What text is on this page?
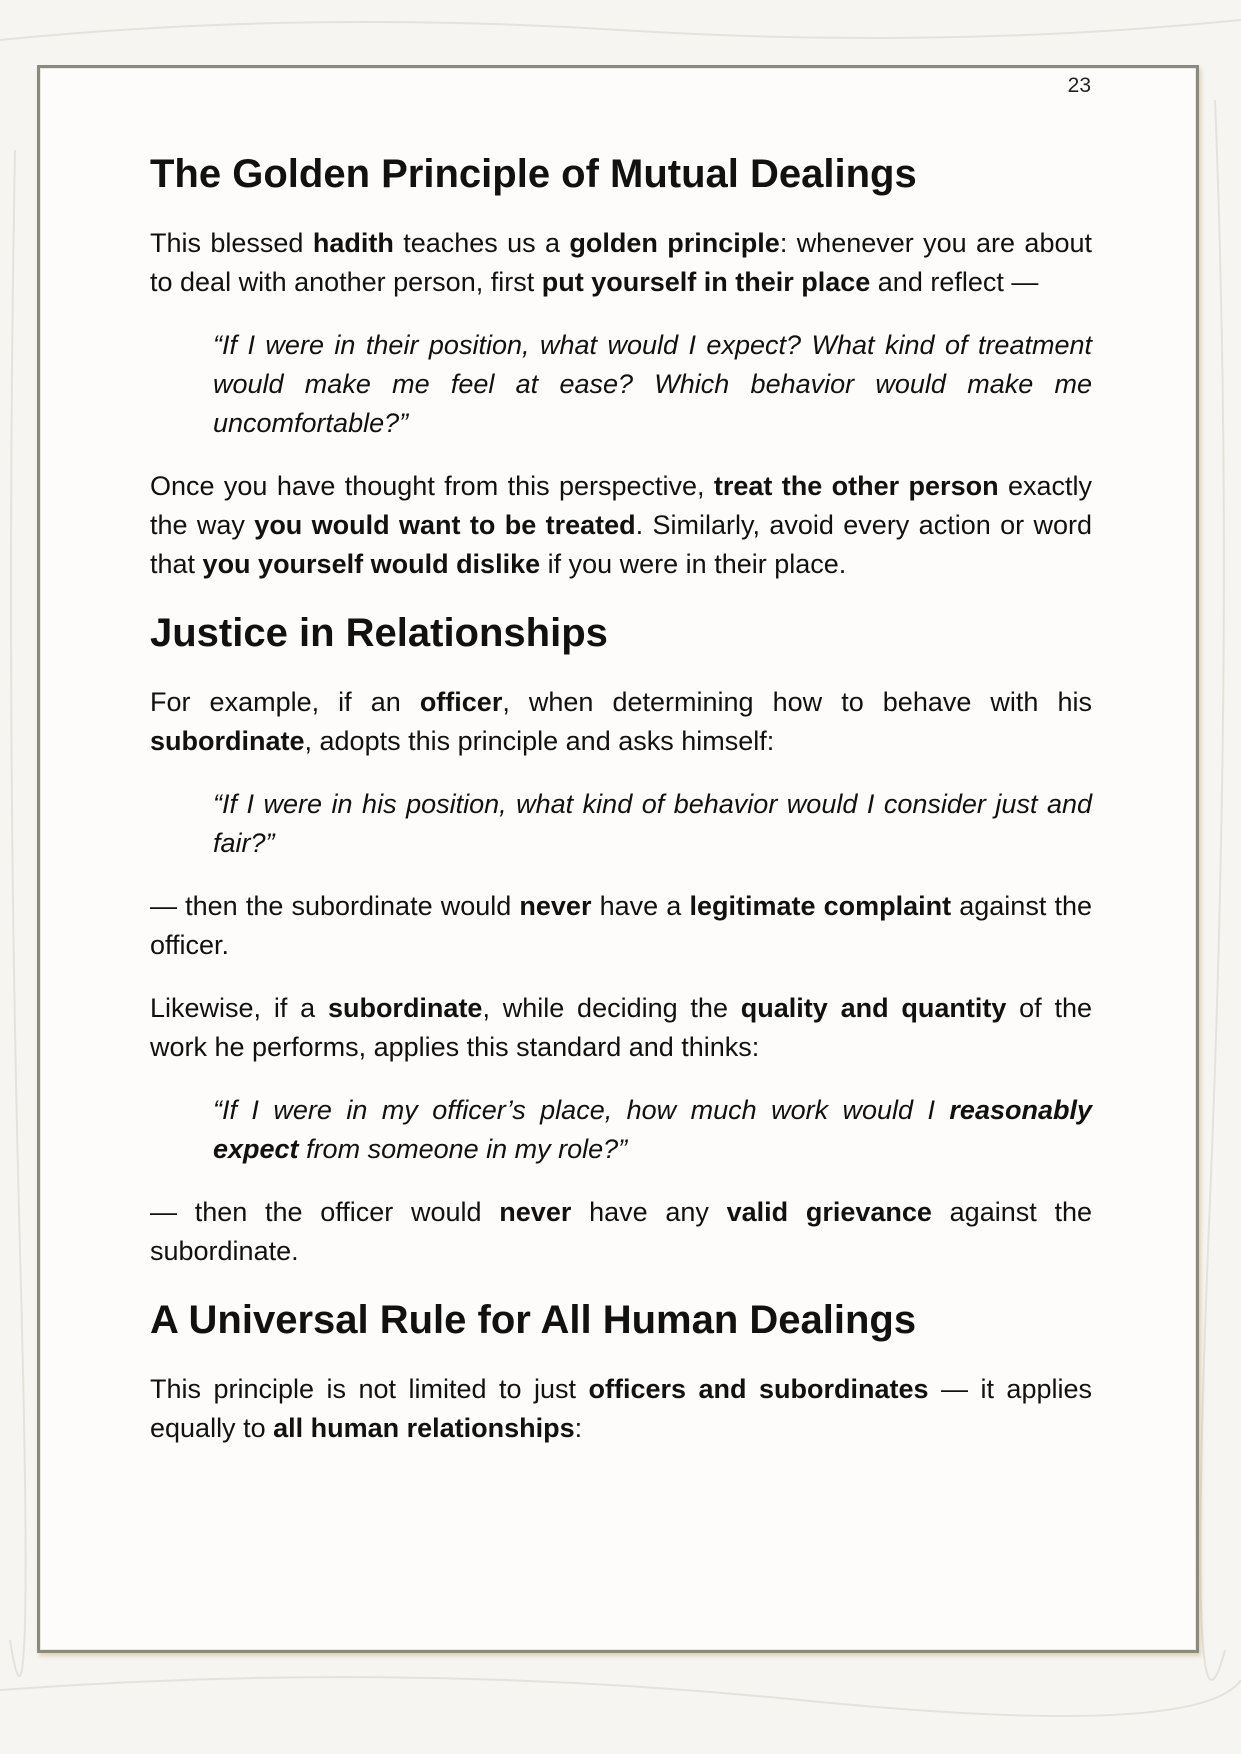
23
The Golden Principle of Mutual Dealings

This blessed hadith teaches us a golden principle: whenever you are about to deal with another person, first put yourself in their place and reflect —

“If I were in their position, what would I expect? What kind of treatment would make me feel at ease? Which behavior would make me uncomfortable?”

Once you have thought from this perspective, treat the other person exactly the way you would want to be treated. Similarly, avoid every action or word that you yourself would dislike if you were in their place.

Justice in Relationships

For example, if an officer, when determining how to behave with his subordinate, adopts this principle and asks himself:

“If I were in his position, what kind of behavior would I consider just and fair?”

— then the subordinate would never have a legitimate complaint against the officer.

Likewise, if a subordinate, while deciding the quality and quantity of the work he performs, applies this standard and thinks:

“If I were in my officer’s place, how much work would I reasonably expect from someone in my role?”

— then the officer would never have any valid grievance against the subordinate.

A Universal Rule for All Human Dealings

This principle is not limited to just officers and subordinates — it applies equally to all human relationships:
